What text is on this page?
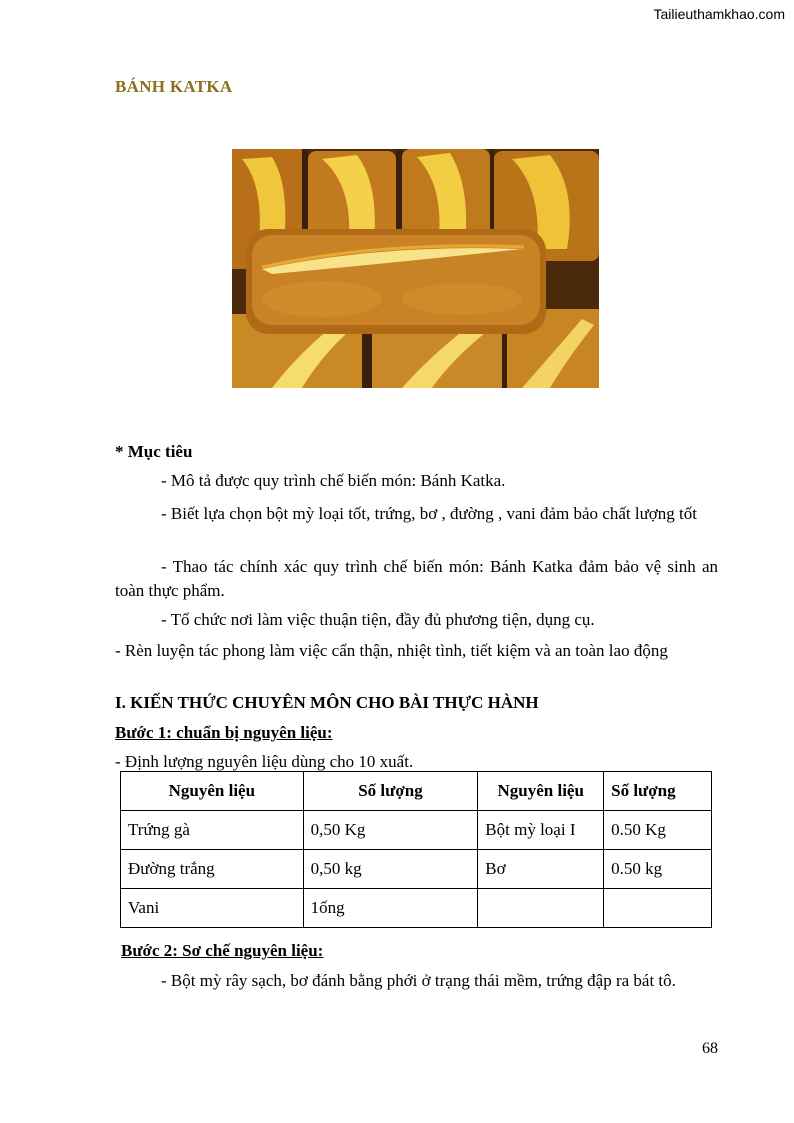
Tailieuthamkhao.com
BÁNH KATKA
* Mục tiêu
- Mô tả được quy trình chế biến món: Bánh Katka.
- Biết lựa chọn bột mỳ loại tốt, trứng, bơ , đường , vani đảm bảo chất lượng tốt
- Thao tác chính xác quy trình chế biến món: Bánh Katka đảm bảo vệ sinh an toàn thực phẩm.
- Tổ chức nơi làm việc thuận tiện, đầy đủ phương tiện, dụng cụ.
- Rèn luyện tác phong làm việc cẩn thận, nhiệt tình, tiết kiệm và an toàn lao động
I. KIẾN THỨC CHUYÊN MÔN CHO BÀI THỰC HÀNH
Bước 1: chuẩn bị nguyên liệu:
- Định lượng nguyên liệu dùng cho 10 xuất.
Nguyên liệu	Số lượng	Nguyên liệu	Số lượng
Trứng gà	0,50 Kg	Bột mỳ loại I	0.50 Kg
Đường trắng	0,50 kg	Bơ	0.50 kg
Vani	1ống		
Bước 2: Sơ chế nguyên liệu:
- Bột mỳ rây sạch, bơ đánh bằng phới ở trạng thái mềm, trứng đập ra bát tô.
68
